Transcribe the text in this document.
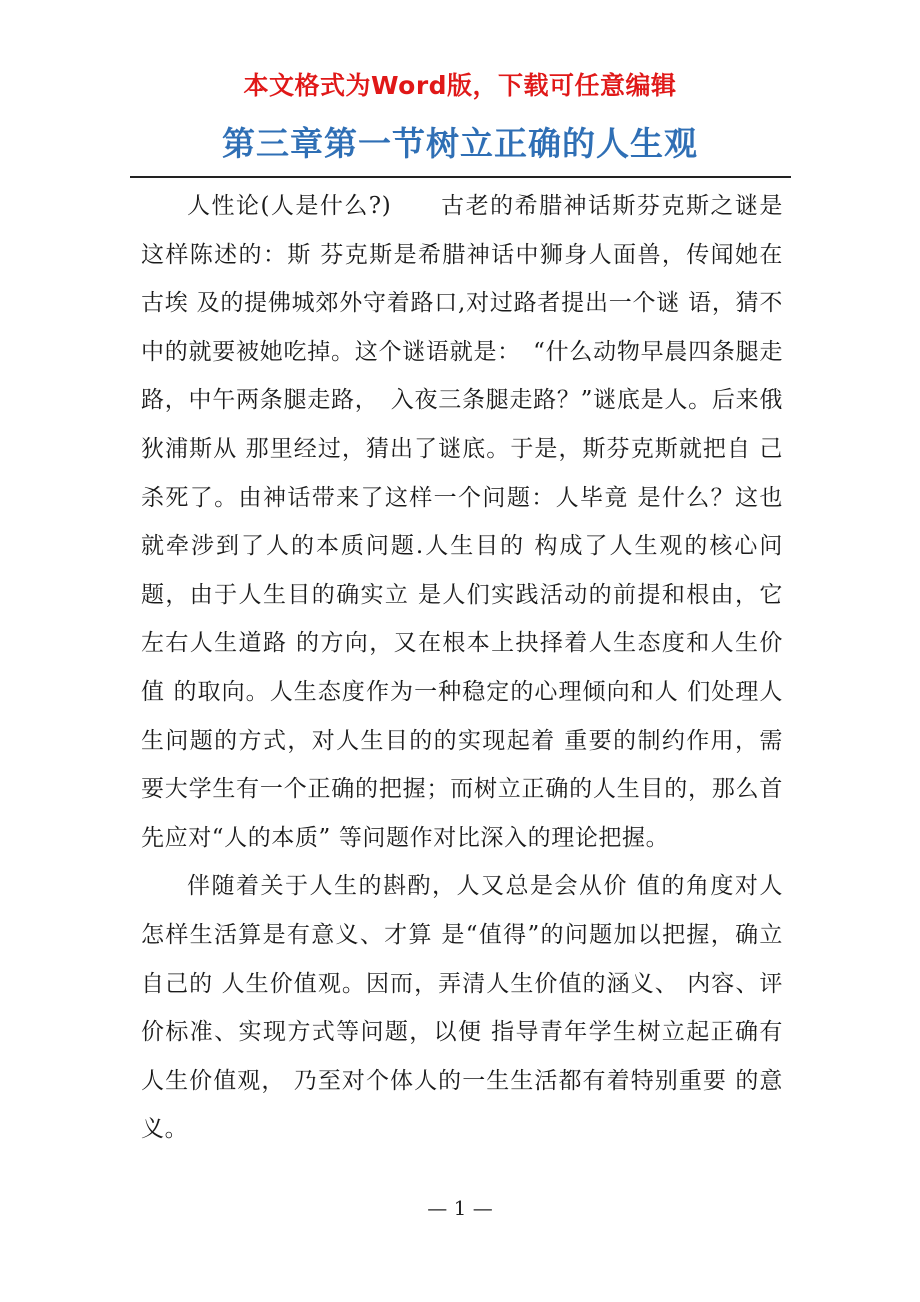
本文格式为Word版，下载可任意编辑
第三章第一节树立正确的人生观

人性论(人是什么?)　　古老的希腊神话斯芬克斯之谜是这样陈述的：斯 芬克斯是希腊神话中狮身人面兽，传闻她在古埃 及的提佛城郊外守着路口,对过路者提出一个谜 语，猜不中的就要被她吃掉。这个谜语就是：　“什么动物早晨四条腿走路，中午两条腿走路，　入夜三条腿走路？”谜底是人。后来俄狄浦斯从 那里经过，猜出了谜底。于是，斯芬克斯就把自 己杀死了。由神话带来了这样一个问题：人毕竟 是什么？这也就牵涉到了人的本质问题.人生目的 构成了人生观的核心问题，由于人生目的确实立 是人们实践活动的前提和根由，它左右人生道路 的方向，又在根本上抉择着人生态度和人生价值 的取向。人生态度作为一种稳定的心理倾向和人 们处理人生问题的方式，对人生目的的实现起着 重要的制约作用，需要大学生有一个正确的把握；而树立正确的人生目的，那么首先应对“人的本质” 等问题作对比深入的理论把握。

伴随着关于人生的斟酌，人又总是会从价 值的角度对人怎样生活算是有意义、才算 是“值得”的问题加以把握，确立自己的 人生价值观。因而，弄清人生价值的涵义、 内容、评价标准、实现方式等问题，以便 指导青年学生树立起正确有人生价值观， 乃至对个体人的一生生活都有着特别重要 的意义。

— 1 —
